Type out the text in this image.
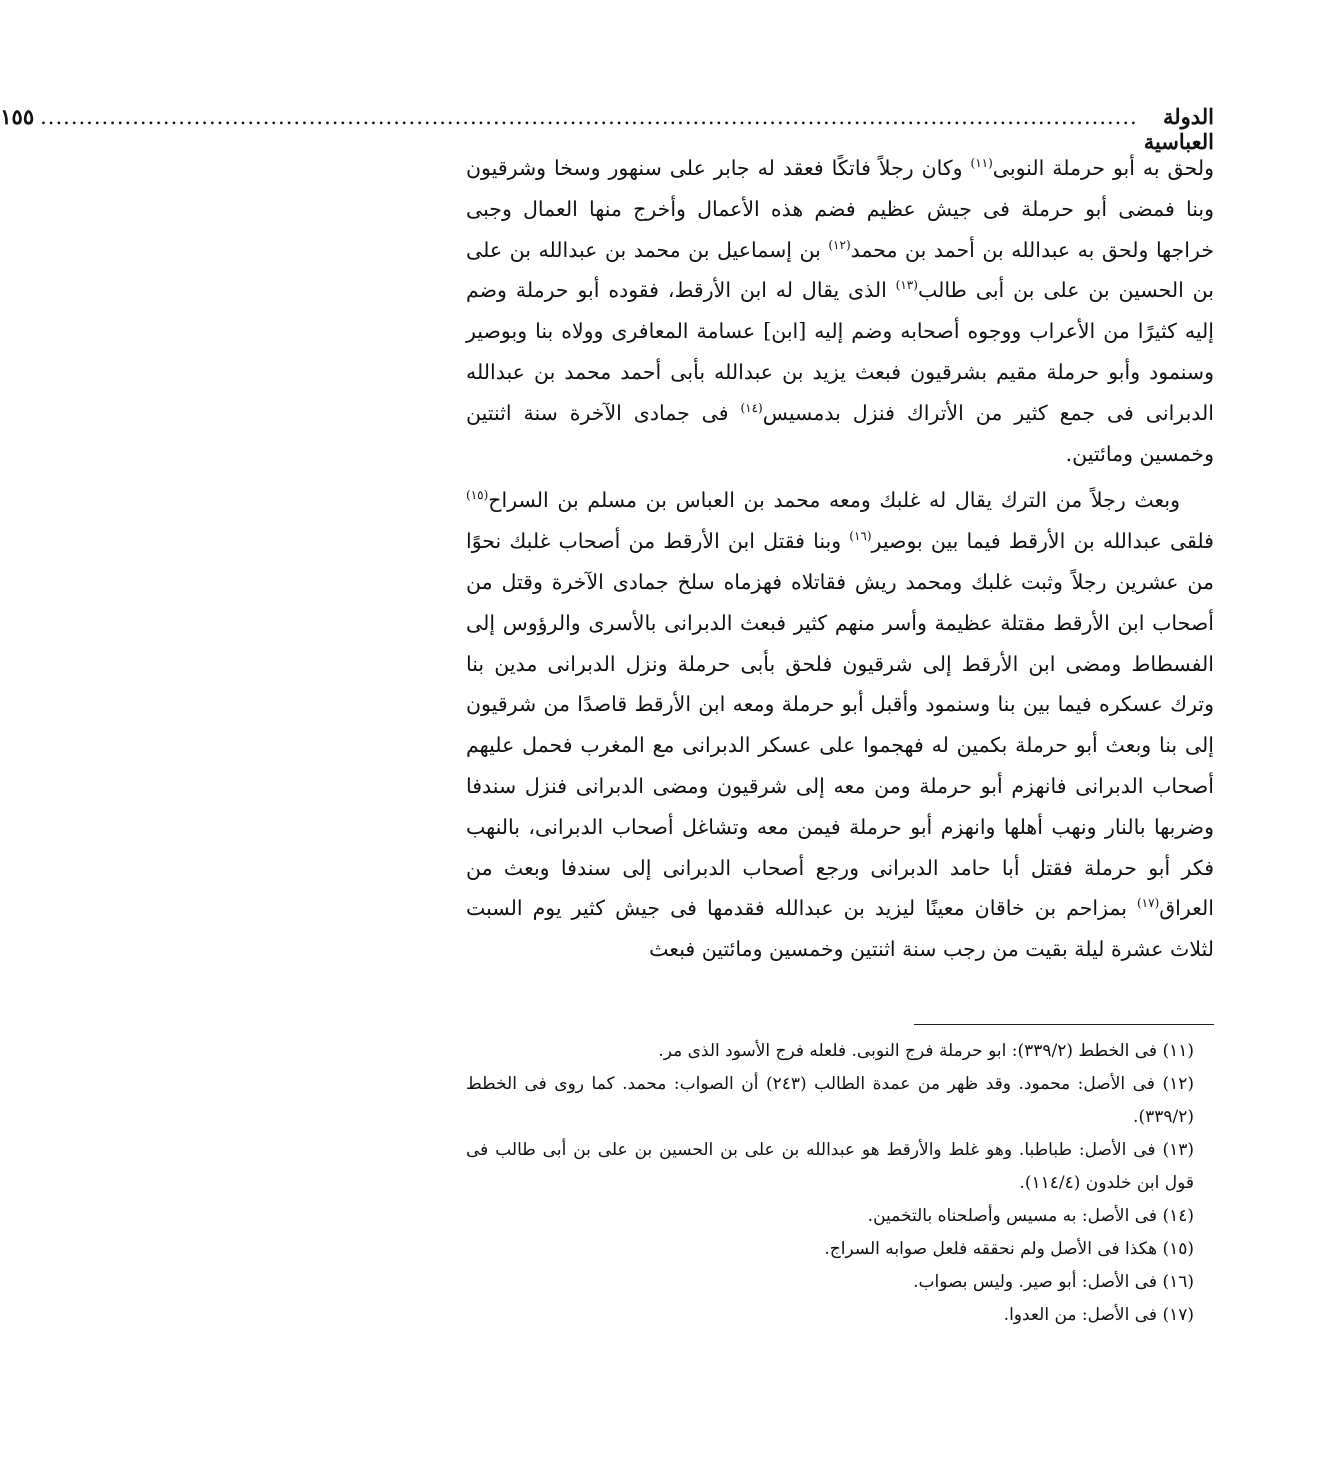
الدولة العباسية
...............................................................................................................................................
١٥٥

ولحق به أبو حرملة النوبى$^{(١١)}$ وكان رجلاً فاتكًا فعقد له جابر على سنهور وسخا وشرقيون وبنا فمضى أبو حرملة فى جيش عظيم فضم هذه الأعمال وأخرج منها العمال وجبى خراجها ولحق به عبدالله بن أحمد بن محمد$^{(١٢)}$ بن إسماعيل بن محمد بن عبدالله بن على بن الحسين بن على بن أبى طالب$^{(١٣)}$ الذى يقال له ابن الأرقط، فقوده أبو حرملة وضم إليه كثيرًا من الأعراب ووجوه أصحابه وضم إليه [ابن] عسامة المعافرى وولاه بنا وبوصير وسنمود وأبو حرملة مقيم بشرقيون فبعث يزيد بن عبدالله بأبى أحمد محمد بن عبدالله الدبرانى فى جمع كثير من الأتراك فنزل بدمسيس$^{(١٤)}$ فى جمادى الآخرة سنة اثنتين وخمسين ومائتين.

وبعث رجلاً من الترك يقال له غلبك ومعه محمد بن العباس بن مسلم بن السراح$^{(١٥)}$ فلقى عبدالله بن الأرقط فيما بين بوصير$^{(١٦)}$ وبنا فقتل ابن الأرقط من أصحاب غلبك نحوًا من عشرين رجلاً وثبت غلبك ومحمد ريش فقاتلاه فهزماه سلخ جمادى الآخرة وقتل من أصحاب ابن الأرقط مقتلة عظيمة وأسر منهم كثير فبعث الدبرانى بالأسرى والرؤوس إلى الفسطاط ومضى ابن الأرقط إلى شرقيون فلحق بأبى حرملة ونزل الدبرانى مدين بنا وترك عسكره فيما بين بنا وسنمود وأقبل أبو حرملة ومعه ابن الأرقط قاصدًا من شرقيون إلى بنا وبعث أبو حرملة بكمين له فهجموا على عسكر الدبرانى مع المغرب فحمل عليهم أصحاب الدبرانى فانهزم أبو حرملة ومن معه إلى شرقيون ومضى الدبرانى فنزل سندفا وضربها بالنار ونهب أهلها وانهزم أبو حرملة فيمن معه وتشاغل أصحاب الدبرانى، بالنهب فكر أبو حرملة فقتل أبا حامد الدبرانى ورجع أصحاب الدبرانى إلى سندفا وبعث من العراق$^{(١٧)}$ بمزاحم بن خاقان معينًا ليزيد بن عبدالله فقدمها فى جيش كثير يوم السبت لثلاث عشرة ليلة بقيت من رجب سنة اثنتين وخمسين ومائتين فبعث

(١١) فى الخطط (٣٣٩/٢): ابو حرملة فرج النوبى. فلعله فرج الأسود الذى مر.

(١٢) فى الأصل: محمود. وقد ظهر من عمدة الطالب (٢٤٣) أن الصواب: محمد. كما روى فى الخطط (٣٣٩/٢).

(١٣) فى الأصل: طباطبا. وهو غلط والأرقط هو عبدالله بن على بن الحسين بن على بن أبى طالب فى قول ابن خلدون (١١٤/٤).

(١٤) فى الأصل: به مسيس وأصلحناه بالتخمين.

(١٥) هكذا فى الأصل ولم نحققه فلعل صوابه السراج.

(١٦) فى الأصل: أبو صير. وليس بصواب.

(١٧) فى الأصل: من العدوا.
